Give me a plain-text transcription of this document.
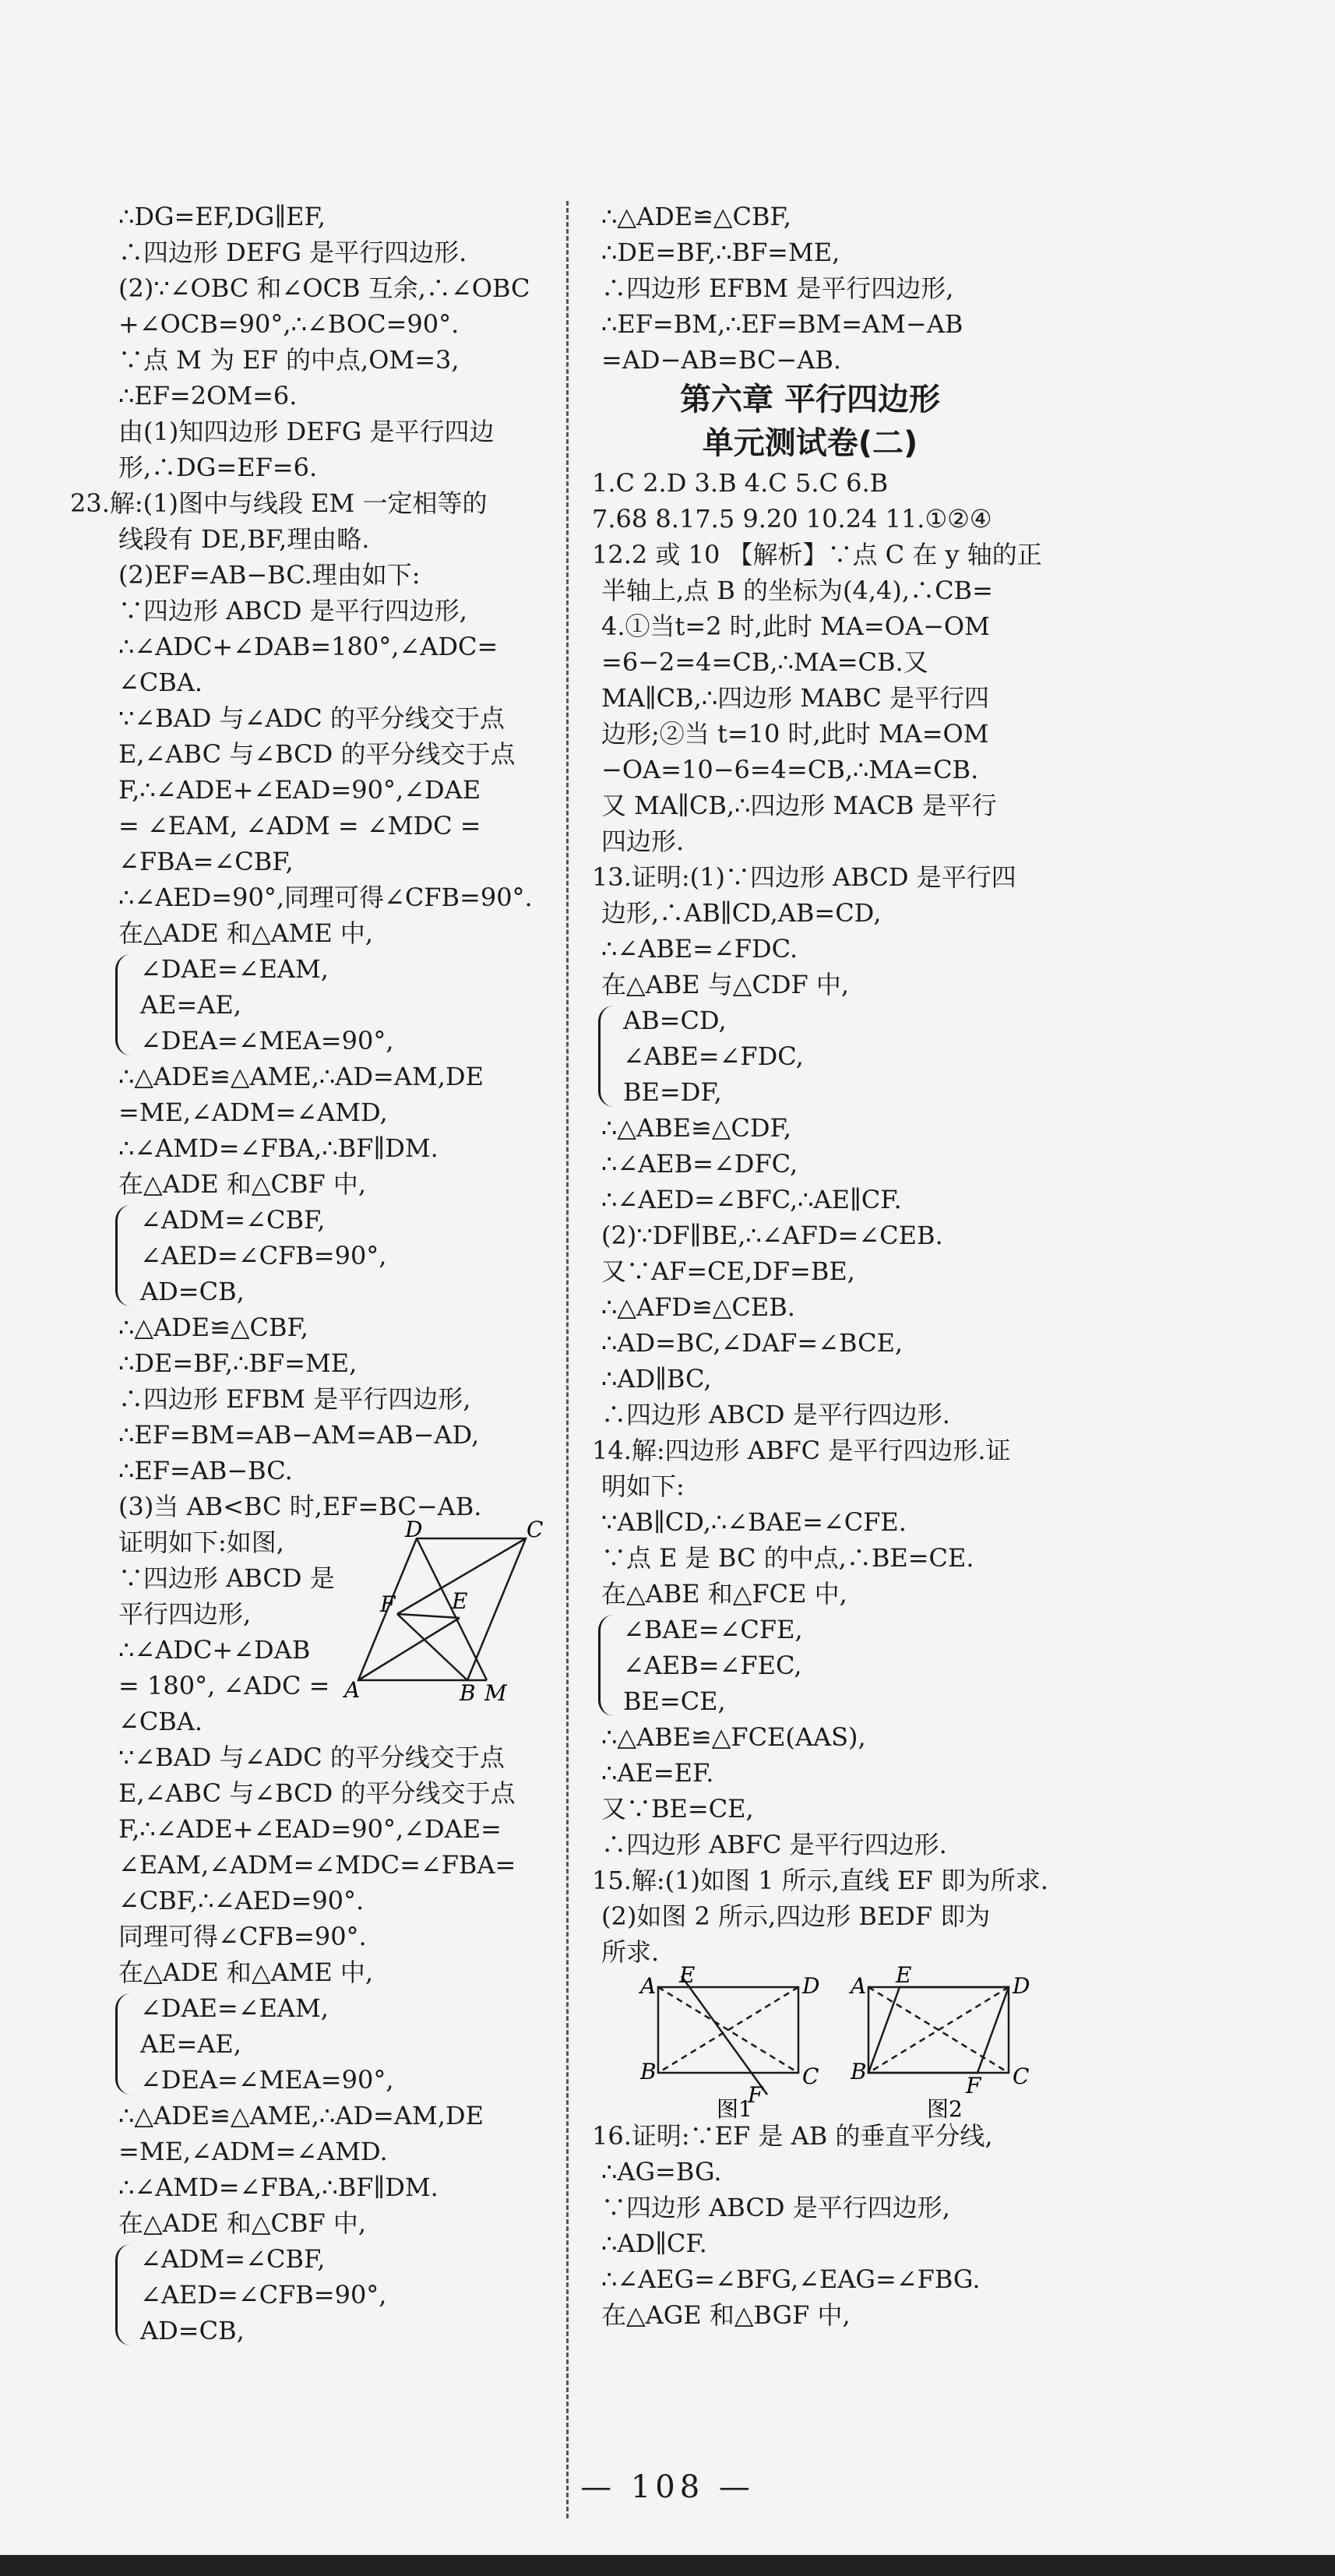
∴DG=EF,DG∥EF,
∴四边形 DEFG 是平行四边形.
(2)∵∠OBC 和∠OCB 互余,∴∠OBC
+∠OCB=90°,∴∠BOC=90°.
∵点 M 为 EF 的中点,OM=3,
∴EF=2OM=6.
由(1)知四边形 DEFG 是平行四边
形,∴DG=EF=6.
23.解:(1)图中与线段 EM 一定相等的
线段有 DE,BF,理由略.
(2)EF=AB−BC.理由如下:
∵四边形 ABCD 是平行四边形,
∴∠ADC+∠DAB=180°,∠ADC=
∠CBA.
∵∠BAD 与∠ADC 的平分线交于点
E,∠ABC 与∠BCD 的平分线交于点
F,∴∠ADE+∠EAD=90°,∠DAE
= ∠EAM, ∠ADM = ∠MDC =
∠FBA=∠CBF,
∴∠AED=90°,同理可得∠CFB=90°.
在△ADE 和△AME 中,
∠DAE=∠EAM,
AE=AE,
∠DEA=∠MEA=90°,
∴△ADE≌△AME,∴AD=AM,DE
=ME,∠ADM=∠AMD,
∴∠AMD=∠FBA,∴BF∥DM.
在△ADE 和△CBF 中,
∠ADM=∠CBF,
∠AED=∠CFB=90°,
AD=CB,
∴△ADE≌△CBF,
∴DE=BF,∴BF=ME,
∴四边形 EFBM 是平行四边形,
∴EF=BM=AB−AM=AB−AD,
∴EF=AB−BC.
(3)当 AB<BC 时,EF=BC−AB.
证明如下:如图,
∵四边形 ABCD 是
平行四边形,
∴∠ADC+∠DAB
= 180°, ∠ADC =
∠CBA.
A	B M
C
D
F	E
∵∠BAD 与∠ADC 的平分线交于点
E,∠ABC 与∠BCD 的平分线交于点
F,∴∠ADE+∠EAD=90°,∠DAE=
∠EAM,∠ADM=∠MDC=∠FBA=
∠CBF,∴∠AED=90°.
同理可得∠CFB=90°.
在△ADE 和△AME 中,
∠DAE=∠EAM,
AE=AE,
∠DEA=∠MEA=90°,
∴△ADE≌△AME,∴AD=AM,DE
=ME,∠ADM=∠AMD.
∴∠AMD=∠FBA,∴BF∥DM.
在△ADE 和△CBF 中,
∠ADM=∠CBF,
∠AED=∠CFB=90°,
AD=CB,
∴△ADE≌△CBF,
∴DE=BF,∴BF=ME,
∴四边形 EFBM 是平行四边形,
∴EF=BM,∴EF=BM=AM−AB
=AD−AB=BC−AB.
第六章 平行四边形
单元测试卷(二)
1.C 2.D 3.B 4.C 5.C 6.B
7.68 8.17.5 9.20 10.24 11.①②④
12.2 或 10 【解析】∵点 C 在 y 轴的正
半轴上,点 B 的坐标为(4,4),∴CB=
4.①当t=2 时,此时 MA=OA−OM
=6−2=4=CB,∴MA=CB.又
MA∥CB,∴四边形 MABC 是平行四
边形;②当 t=10 时,此时 MA=OM
−OA=10−6=4=CB,∴MA=CB.
又 MA∥CB,∴四边形 MACB 是平行
四边形.
13.证明:(1)∵四边形 ABCD 是平行四
边形,∴AB∥CD,AB=CD,
∴∠ABE=∠FDC.
在△ABE 与△CDF 中,
AB=CD,
∠ABE=∠FDC,
BE=DF,
∴△ABE≌△CDF,
∴∠AEB=∠DFC,
∴∠AED=∠BFC,∴AE∥CF.
(2)∵DF∥BE,∴∠AFD=∠CEB.
又∵AF=CE,DF=BE,
∴△AFD≌△CEB.
∴AD=BC,∠DAF=∠BCE,
∴AD∥BC,
∴四边形 ABCD 是平行四边形.
14.解:四边形 ABFC 是平行四边形.证
明如下:
∵AB∥CD,∴∠BAE=∠CFE.
∵点 E 是 BC 的中点,∴BE=CE.
在△ABE 和△FCE 中,
∠BAE=∠CFE,
∠AEB=∠FEC,
BE=CE,
∴△ABE≌△FCE(AAS),
∴AE=EF.
又∵BE=CE,
∴四边形 ABFC 是平行四边形.
15.解:(1)如图 1 所示,直线 EF 即为所求.
(2)如图 2 所示,四边形 BEDF 即为
所求.
A E	D
B	C
F
图1
A E	D
B	C
F
图2
16.证明:∵EF 是 AB 的垂直平分线,
∴AG=BG.
∵四边形 ABCD 是平行四边形,
∴AD∥CF.
∴∠AEG=∠BFG,∠EAG=∠FBG.
在△AGE 和△BGF 中,
— 108 —
